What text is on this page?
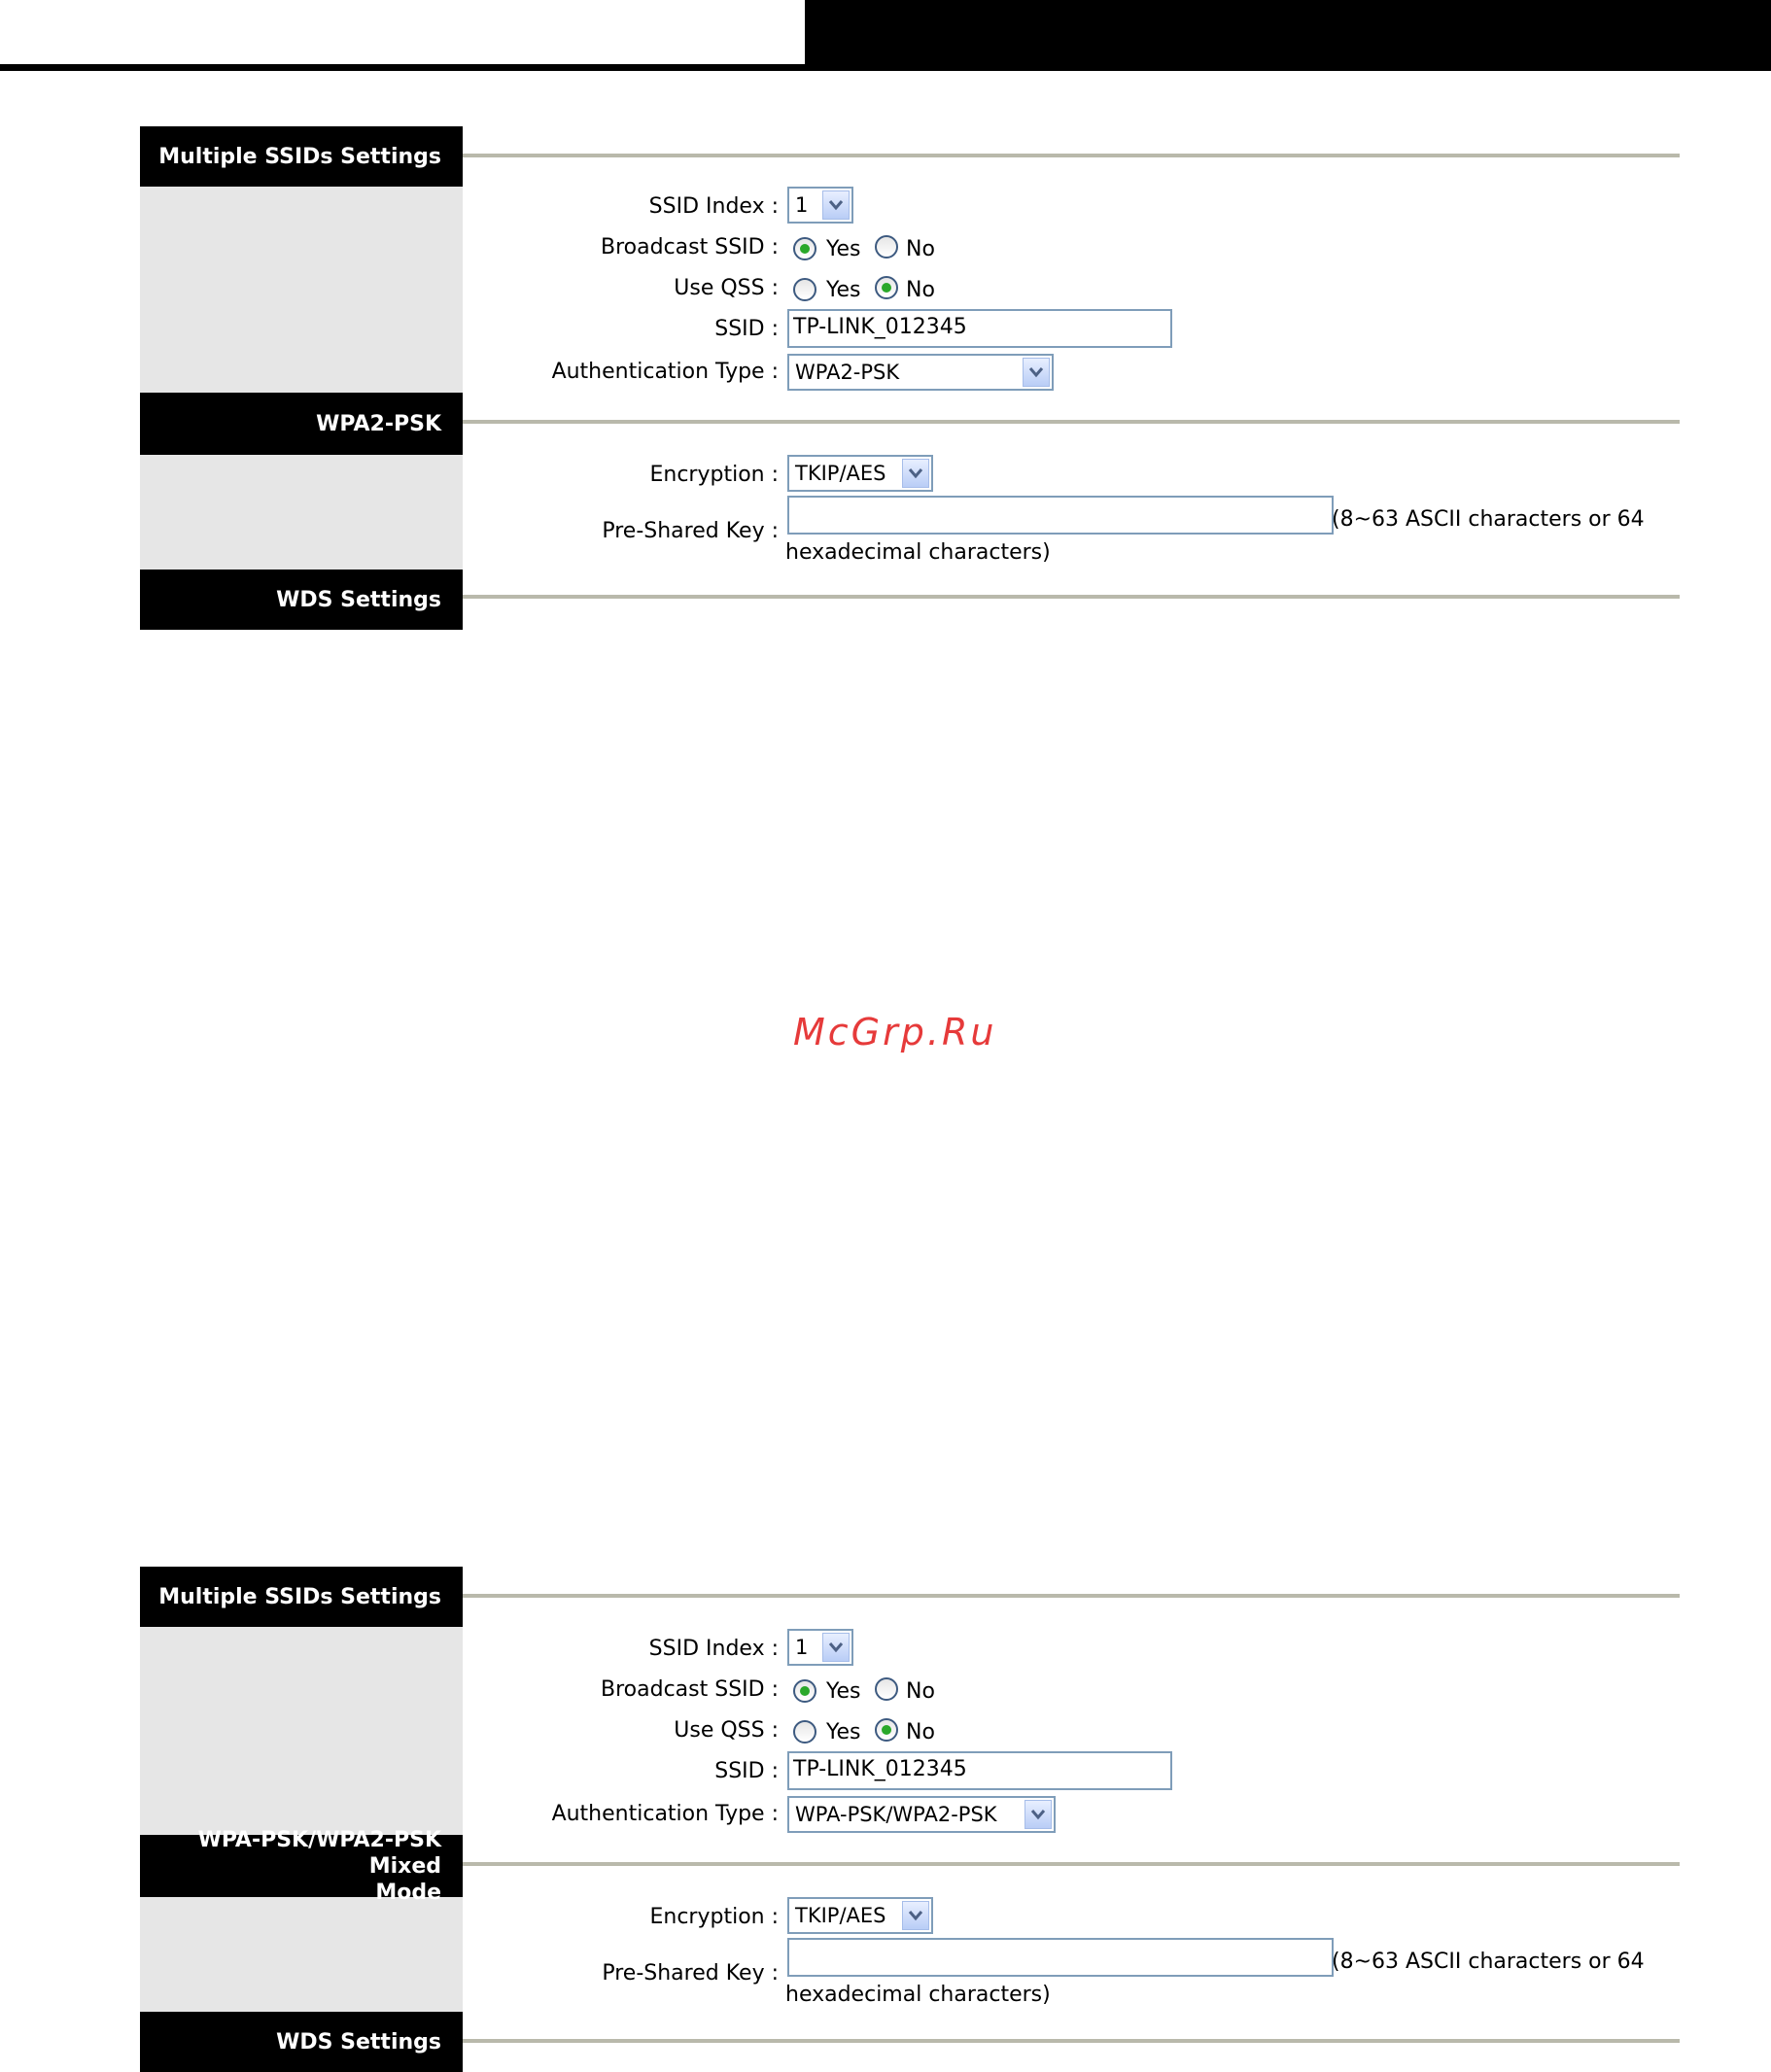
Multiple SSIDs Settings
SSID Index : 1
Broadcast SSID : Yes No
Use QSS : Yes No
SSID : TP-LINK_012345
Authentication Type : WPA2-PSK
WPA2-PSK
Encryption : TKIP/AES
Pre-Shared Key :	(8~63 ASCII characters or 64
hexadecimal characters)
WDS Settings
McGrp.Ru
Multiple SSIDs Settings
SSID Index : 1
Broadcast SSID : Yes No
Use QSS : Yes No
SSID : TP-LINK_012345
Authentication Type : WPA-PSK/WPA2-PSK
WPA-PSK/WPA2-PSK Mixed
Mode
Encryption : TKIP/AES
Pre-Shared Key :	(8~63 ASCII characters or 64
hexadecimal characters)
WDS Settings
